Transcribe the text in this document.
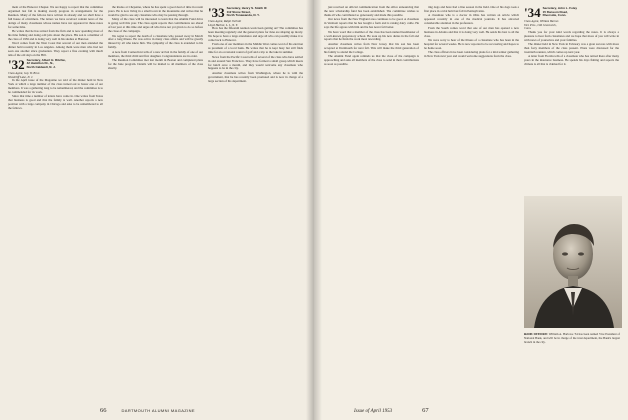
ment of the Hanover Chapter. We are happy to report that the committee organized last fall is making steady progress in arrangements for the Reunion. Many of the fellows have written in already and we shall have a full house of old-timers. The letters we have received contain news of the doings of many classmates whose names have not appeared in these notes for some time.

He writes that he has retired from the firm and is now spending most of his time fishing and doing odd jobs about the place. His son is a member of the class of 1956 and is doing very well in his studies at Hanover.

Word comes from the West Coast that several of our men attended the dinner held recently in Los Angeles. Among them were men who had not seen one another since graduation. They report a fine evening with much talk of the old days on the Hill.

'32 Secretary, Albert H. Ritchie,
42 Hamilton Dr., N.,
North Caldwell, N. J.
Class Agent, Guy W. Brun
Woodcliff Lake, N. J.

In the April issue of the Magazine we told of the dinner held in New York at which a large number of the class turned out to honor one of our members. It was a gathering long to be remembered, and the committee is to be commended for its work.

Since that time a number of letters have come in. One writes from Texas that business is good and that the family is well. Another reports a new position with a large company in Chicago and asks to be remembered to all the fellows.

the Rodeo at Cheyenne, where he has spent a good deal of time in recent years. He is now living in a small town in the mountains and writes that he would be glad to see any classmate who may be passing through.

Many of the class will be interested to learn that the Alumni Fund drive is going well this year. The class agent reports that contributions are ahead of last year at this time and urges all who have not yet given to do so before the close of the campaign.

We regret to report the death of a classmate who passed away in March after a long illness. He was active in many class affairs and will be greatly missed by all who knew him. The sympathy of the class is extended to his family.

A note from Connecticut tells of a new arrival in the family of one of our members, the third child and first daughter. Congratulations are in order.

The Reunion Committee met last month in Boston and completed plans for the June program. Details will be mailed to all members of the class shortly.

'33 Secretary, Henry S. Smith III
112 Stone Street,
North Tonawanda, N. Y.
Class Agent, Ralph Oerholt
Lloyd Harbor, L. I., N. Y.

How has the fifteenth reunion work been getting on? The committee has been meeting regularly and the general plans for June are shaping up nicely. We hope to have a large attendance and urge all who can possibly make it to come back to Hanover.

From one of our members in the Middle West comes word of his election as president of a local bank. He writes that he is kept busy but still finds time for an occasional round of golf and a trip to the lake in summer.

News from the Pacific Coast tells of several of the class who have settled in and around San Francisco. They have formed a small group which meets for lunch once a month, and they would welcome any classmate who happens to be in the city.

Another classmate writes from Washington, where he is with the government, that he has recently been promoted and is now in charge of a large section of his department.

66	DARTMOUTH ALUMNI MAGAZINE

just received an official communication from the office announcing that the new scholarship fund has been established. The committee wishes to thank all who contributed so generously and made this possible.

Our news from the New England area continues to be good. A classmate in Vermont reports that he has bought a farm and is raising dairy cattle. He says the life agrees with him and he has never felt better.

We have word that a member of the class has been named headmaster of a well-known preparatory school. He took up his new duties in the fall and reports that he finds the work most rewarding.

Another classmate writes from New Jersey that his son has been accepted at Dartmouth for next fall. This will make the third generation of his family to attend the College.

The Alumni Fund agent reminds us that the close of the campaign is approaching and asks all members of the class to send in their contributions as soon as possible.

ting dogs and have had a fine season in the field. One of his dogs took a first place in a trial held last fall in Pennsylvania.

A classmate who is a doctor in Ohio has written an article which appeared recently in one of the medical journals. It has attracted considerable attention in the profession.

From the South comes word that one of our men has opened a new business in Atlanta and that it is doing very well. He sends his best to all the class.

We were sorry to hear of the illness of a classmate who has been in the hospital for several weeks. He is now reported to be recovering and hopes to be home soon.

The class officers have been considering plans for a mid-winter gathering in New York next year and would welcome suggestions from the class.

'34 Secretary, John L. Foley
15 Ransom Road,
Riverside, Conn.
Class Agent, William Barnes
Vice Pres., Old Greenwich,
Conn.

Thank you for your kind words regarding the notes. It is always a pleasure to hear from classmates and we hope that more of you will write in with news of yourselves and your families.

The dinner held in New York in February was a great success with more than forty members of the class present. Plans were discussed for the twentieth reunion, which comes up next year.

A letter from Florida tells of a classmate who has retired there after many years in the insurance business. He spends his days fishing and reports the climate is all that is claimed for it.

BANK OFFICER: William A. Harlowe '34 has been named Vice President of National Bank, and will be in charge of the trust department, the Bank's largest branch in the city.
Issue of April 1953	67
